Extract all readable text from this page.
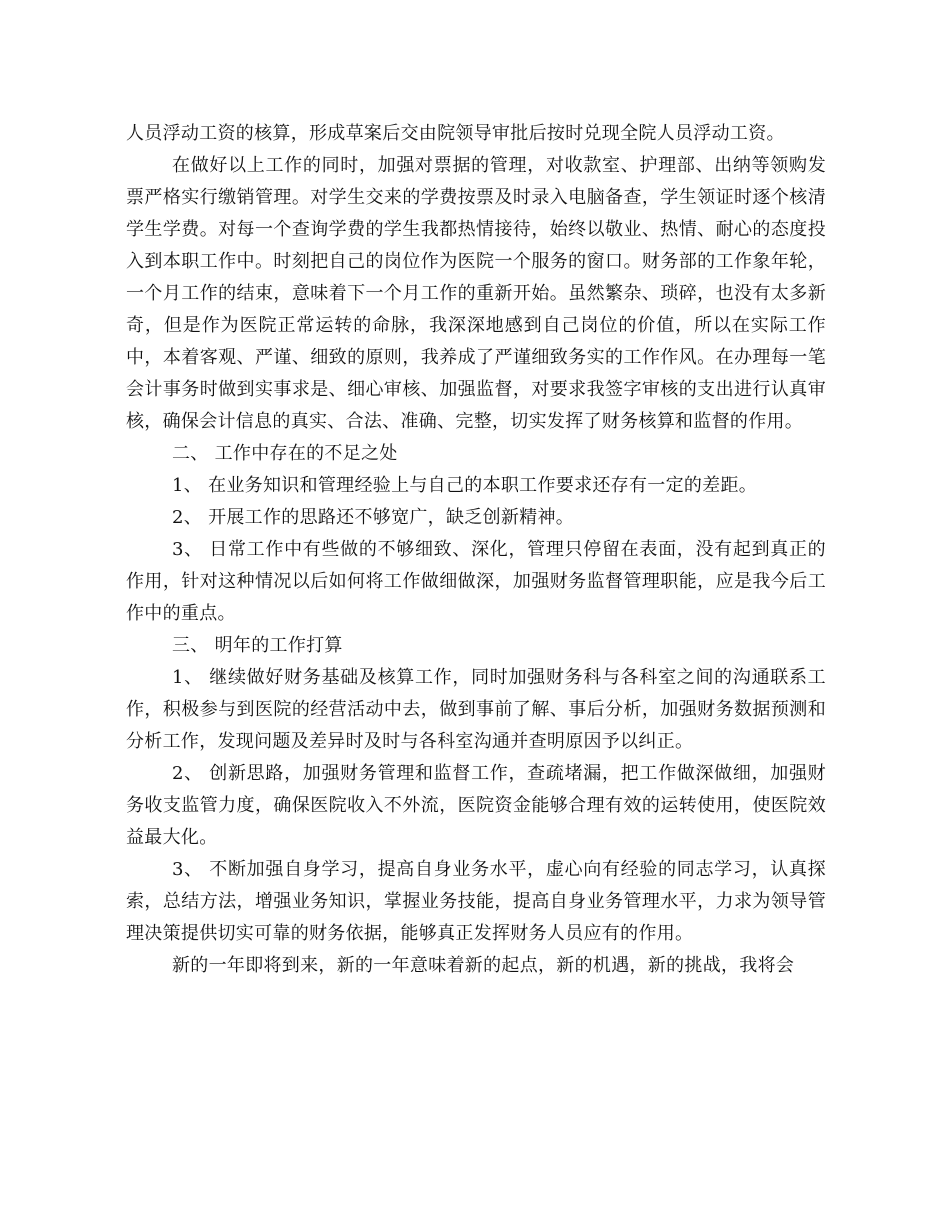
人员浮动工资的核算，形成草案后交由院领导审批后按时兑现全院人员浮动工资。

在做好以上工作的同时，加强对票据的管理，对收款室、护理部、出纳等领购发票严格实行缴销管理。对学生交来的学费按票及时录入电脑备查，学生领证时逐个核清学生学费。对每一个查询学费的学生我都热情接待，始终以敬业、热情、耐心的态度投入到本职工作中。时刻把自己的岗位作为医院一个服务的窗口。财务部的工作象年轮，一个月工作的结束，意味着下一个月工作的重新开始。虽然繁杂、琐碎，也没有太多新奇，但是作为医院正常运转的命脉，我深深地感到自己岗位的价值，所以在实际工作中，本着客观、严谨、细致的原则，我养成了严谨细致务实的工作作风。在办理每一笔会计事务时做到实事求是、细心审核、加强监督，对要求我签字审核的支出进行认真审核，确保会计信息的真实、合法、准确、完整，切实发挥了财务核算和监督的作用。

二、 工作中存在的不足之处

1、 在业务知识和管理经验上与自己的本职工作要求还存有一定的差距。

2、 开展工作的思路还不够宽广，缺乏创新精神。

3、 日常工作中有些做的不够细致、深化，管理只停留在表面，没有起到真正的作用，针对这种情况以后如何将工作做细做深，加强财务监督管理职能，应是我今后工作中的重点。

三、 明年的工作打算

1、 继续做好财务基础及核算工作，同时加强财务科与各科室之间的沟通联系工作，积极参与到医院的经营活动中去，做到事前了解、事后分析，加强财务数据预测和分析工作，发现问题及差异时及时与各科室沟通并查明原因予以纠正。

2、 创新思路，加强财务管理和监督工作，查疏堵漏，把工作做深做细，加强财务收支监管力度，确保医院收入不外流，医院资金能够合理有效的运转使用，使医院效益最大化。

3、 不断加强自身学习，提高自身业务水平，虚心向有经验的同志学习，认真探索，总结方法，增强业务知识，掌握业务技能，提高自身业务管理水平，力求为领导管理决策提供切实可靠的财务依据，能够真正发挥财务人员应有的作用。

新的一年即将到来，新的一年意味着新的起点，新的机遇，新的挑战，我将会
